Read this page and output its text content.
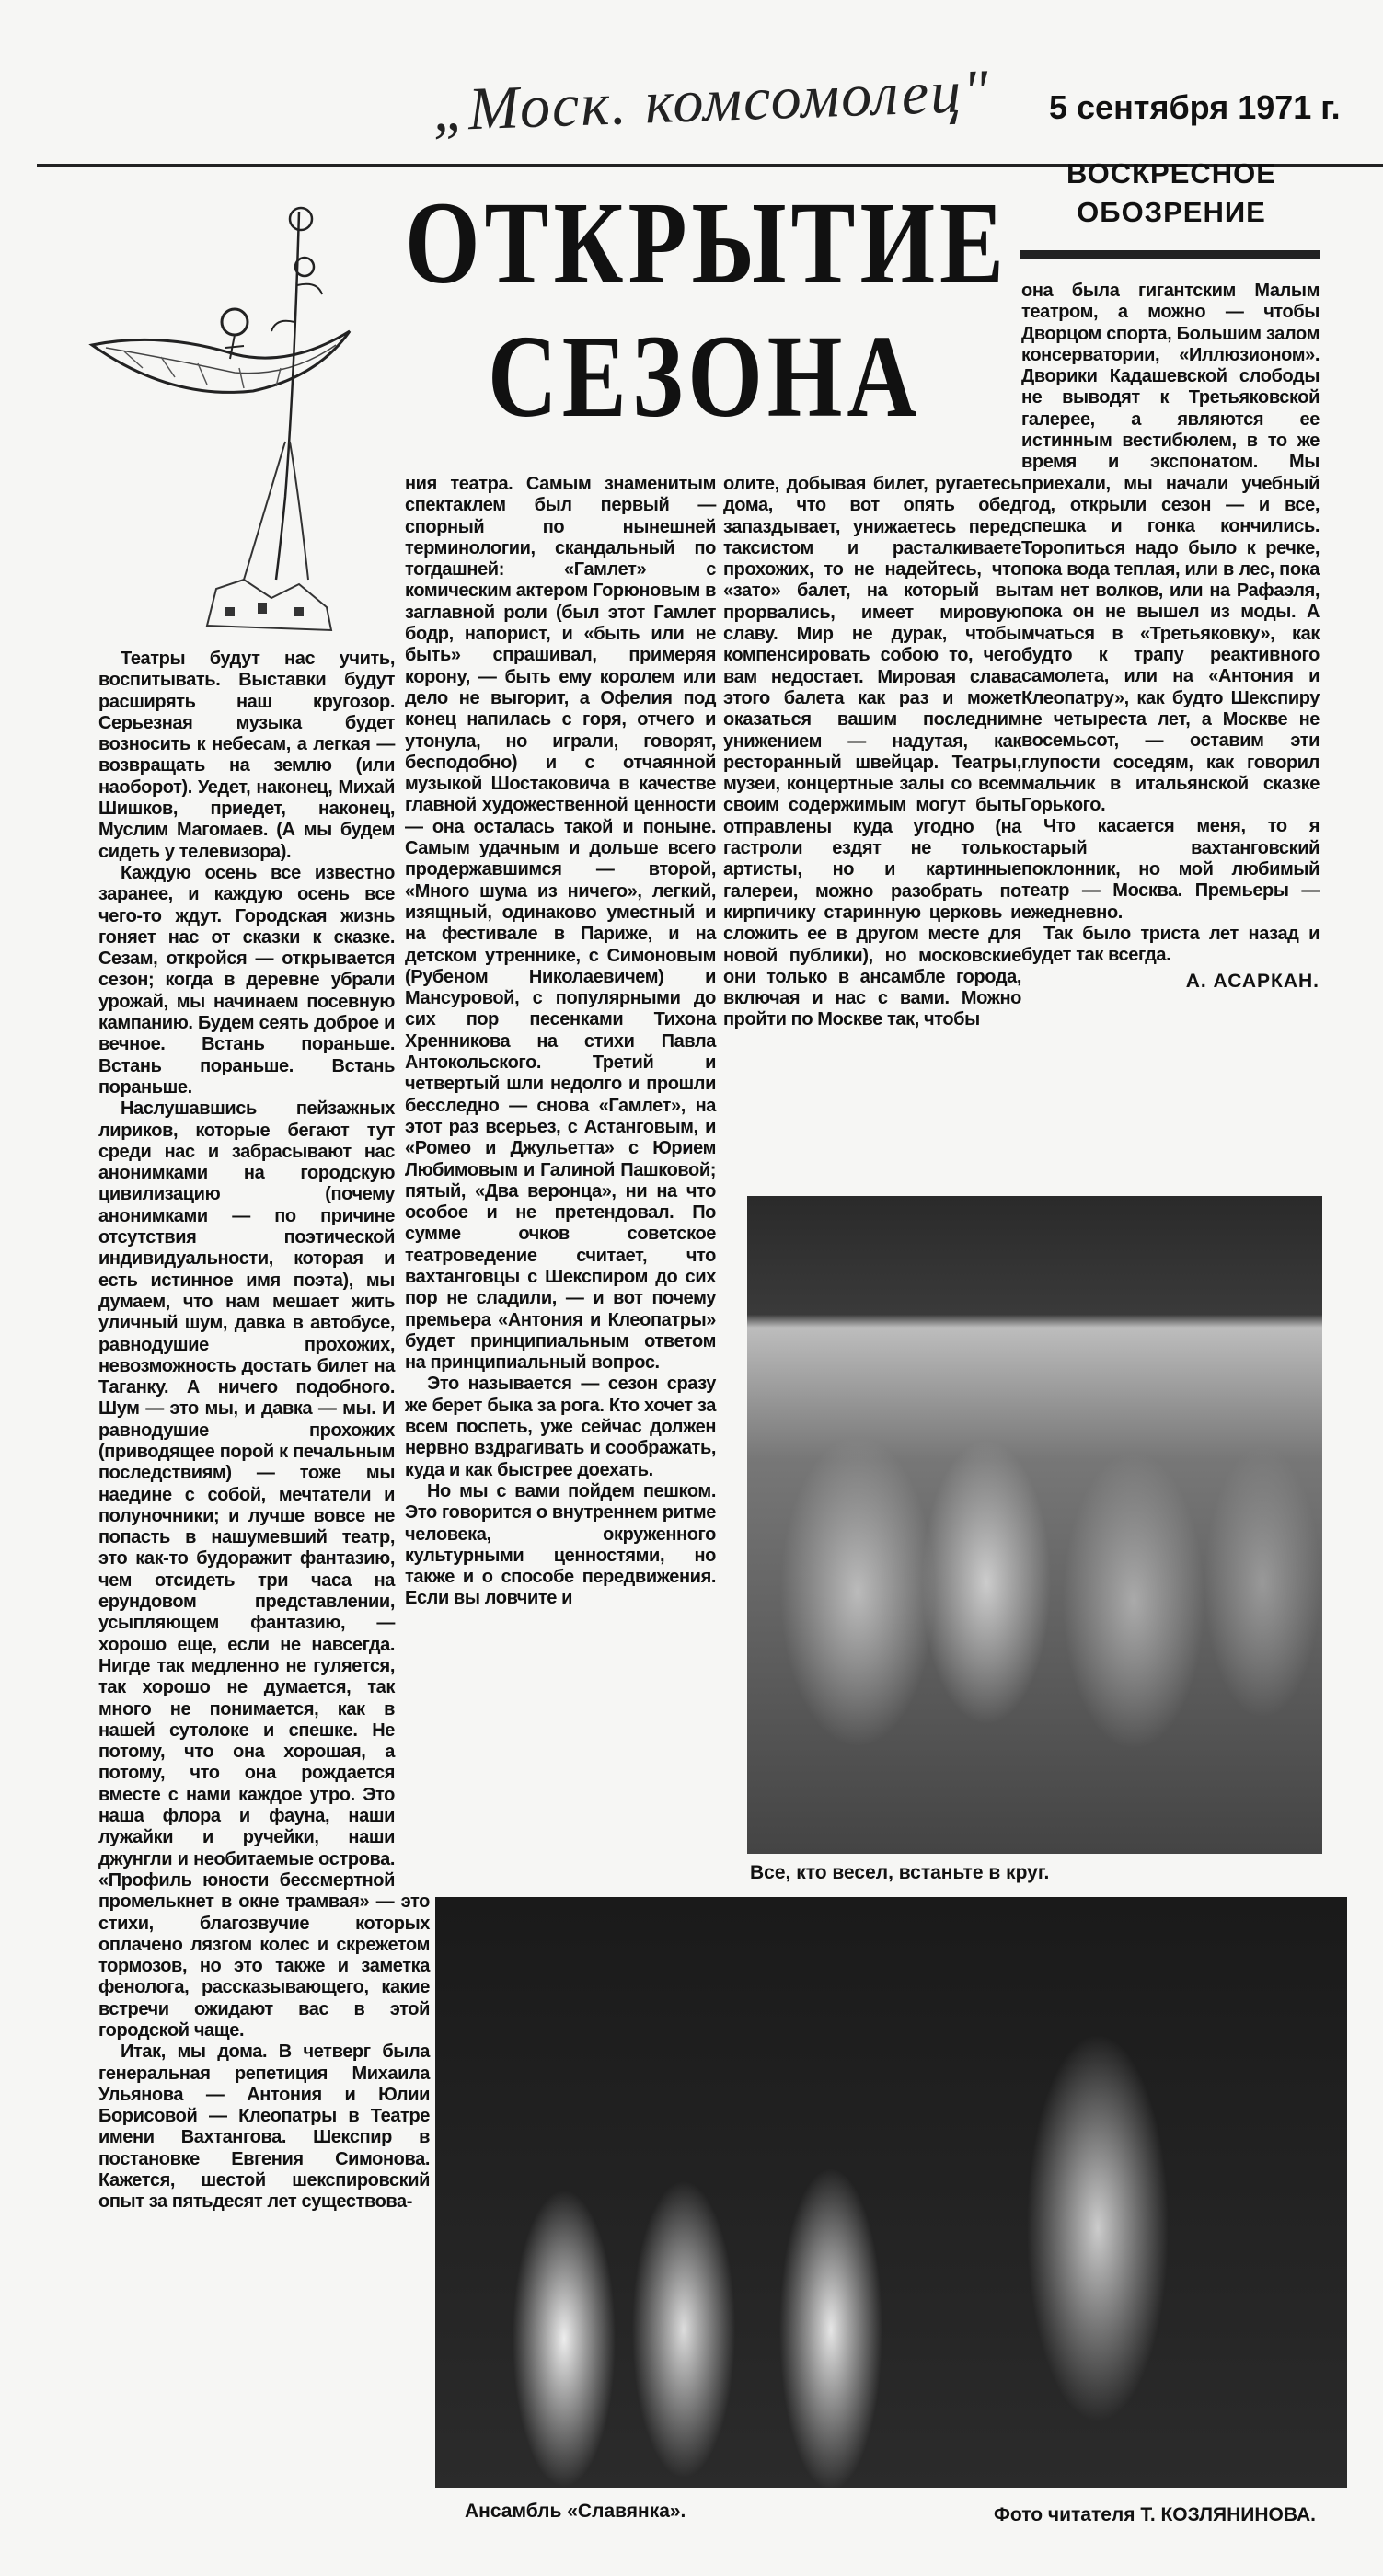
„Моск. комсомолец" 5 сентября 1971 г.
ВОСКРЕСНОЕ
ОБОЗРЕНИЕ
ОТКРЫТИЕ
СЕЗОНА

Театры будут нас учить, воспитывать. Выставки будут расширять наш кругозор. Серьезная музыка будет возносить к небесам, а легкая — возвращать на землю (или наоборот). Уедет, наконец, Михай Шишков, приедет, наконец, Муслим Магомаев. (А мы будем сидеть у телевизора).

Каждую осень все известно заранее, и каждую осень все чего-то ждут. Городская жизнь гоняет нас от сказки к сказке. Сезам, откройся — открывается сезон; когда в деревне убрали урожай, мы начинаем посевную кампанию. Будем сеять доброе и вечное. Встань пораньше. Встань пораньше. Встань пораньше.

Наслушавшись пейзажных лириков, которые бегают тут среди нас и забрасывают нас анонимками на городскую цивилизацию (почему анонимками — по причине отсутствия поэтической индивидуальности, которая и есть истинное имя поэта), мы думаем, что нам мешает жить уличный шум, давка в автобусе, равнодушие прохожих, невозможность достать билет на Таганку. А ничего подобного. Шум — это мы, и давка — мы. И равнодушие прохожих (приводящее порой к печальным последствиям) — тоже мы наедине с собой, мечтатели и полуночники; и лучше вовсе не попасть в нашумевший театр, это как-то будоражит фантазию, чем отсидеть три часа на ерундовом представлении, усыпляющем фантазию, — хорошо еще, если не навсегда. Нигде так медленно не гуляется, так хорошо не думается, так много не понимается, как в нашей сутолоке и спешке. Не потому, что она хорошая, а потому, что она рождается вместе с нами каждое утро. Это наша флора и фауна, наши лужайки и ручейки, наши джунгли и необитаемые острова. «Профиль юности бессмертной промелькнет в окне трамвая» — это стихи, благозвучие которых оплачено лязгом колес и скрежетом тормозов, но это также и заметка фенолога, рассказывающего, какие встречи ожидают вас в этой городской чаще.

Итак, мы дома. В четверг была генеральная репетиция Михаила Ульянова — Антония и Юлии Борисовой — Клеопатры в Театре имени Вахтангова. Шекспир в постановке Евгения Симонова. Кажется, шестой шекспировский опыт за пятьдесят лет существова-

ния театра. Самым знаменитым спектаклем был первый — спорный по нынешней терминологии, скандальный по тогдашней: «Гамлет» с комическим актером Горюновым в заглавной роли (был этот Гамлет бодр, напорист, и «быть или не быть» спрашивал, примеряя корону, — быть ему королем или дело не выгорит, а Офелия под конец напилась с горя, отчего и утонула, но играли, говорят, бесподобно) и с отчаянной музыкой Шостаковича в качестве главной художественной ценности — она осталась такой и поныне. Самым удачным и дольше всего продержавшимся — второй, «Много шума из ничего», легкий, изящный, одинаково уместный и на фестивале в Париже, и на детском утреннике, с Симоновым (Рубеном Николаевичем) и Мансуровой, с популярными до сих пор песенками Тихона Хренникова на стихи Павла Антокольского. Третий и четвертый шли недолго и прошли бесследно — снова «Гамлет», на этот раз всерьез, с Астанговым, и «Ромео и Джульетта» с Юрием Любимовым и Галиной Пашковой; пятый, «Два веронца», ни на что особое и не претендовал. По сумме очков советское театроведение считает, что вахтанговцы с Шекспиром до сих пор не сладили, — и вот почему премьера «Антония и Клеопатры» будет принципиальным ответом на принципиальный вопрос.

Это называется — сезон сразу же берет быка за рога. Кто хочет за всем поспеть, уже сейчас должен нервно вздрагивать и соображать, куда и как быстрее доехать.

Но мы с вами пойдем пешком. Это говорится о внутреннем ритме человека, окруженного культурными ценностями, но также и о способе передвижения. Если вы ловчите и

олите, добывая билет, ругаетесь дома, что вот опять обед запаздывает, унижаетесь перед таксистом и расталкиваете прохожих, то не надейтесь, что «зато» балет, на который вы прорвались, имеет мировую славу. Мир не дурак, чтобы компенсировать собою то, чего вам недостает. Мировая слава этого балета как раз и может оказаться вашим последним унижением — надутая, как ресторанный швейцар. Театры, музеи, концертные залы со всем своим содержимым могут быть отправлены куда угодно (на гастроли ездят не только артисты, но и картинные галереи, можно разобрать по кирпичику старинную церковь и сложить ее в другом месте для новой публики), но московские они только в ансамбле города, включая и нас с вами. Можно пройти по Москве так, чтобы

она была гигантским Малым театром, а можно — чтобы Дворцом спорта, Большим залом консерватории, «Иллюзионом». Дворики Кадашевской слободы не выводят к Третьяковской галерее, а являются ее истинным вестибюлем, в то же время и экспонатом. Мы приехали, мы начали учебный год, открыли сезон — и все, спешка и гонка кончились. Торопиться надо было к речке, пока вода теплая, или в лес, пока там нет волков, или на Рафаэля, пока он не вышел из моды. А мчаться в «Третьяковку», как будто к трапу реактивного самолета, или на «Антония и Клеопатру», как будто Шекспиру не четыреста лет, а Москве не восемьсот, — оставим эти глупости соседям, как говорил мальчик в итальянской сказке Горького.

Что касается меня, то я старый вахтанговский поклонник, но мой любимый театр — Москва. Премьеры — ежедневно.

Так было триста лет назад и будет так всегда.

А. АСАРКАН.
Все, кто весел, встаньте в круг.
Ансамбль «Славянка».	Фото читателя Т. КОЗЛЯНИНОВА.
